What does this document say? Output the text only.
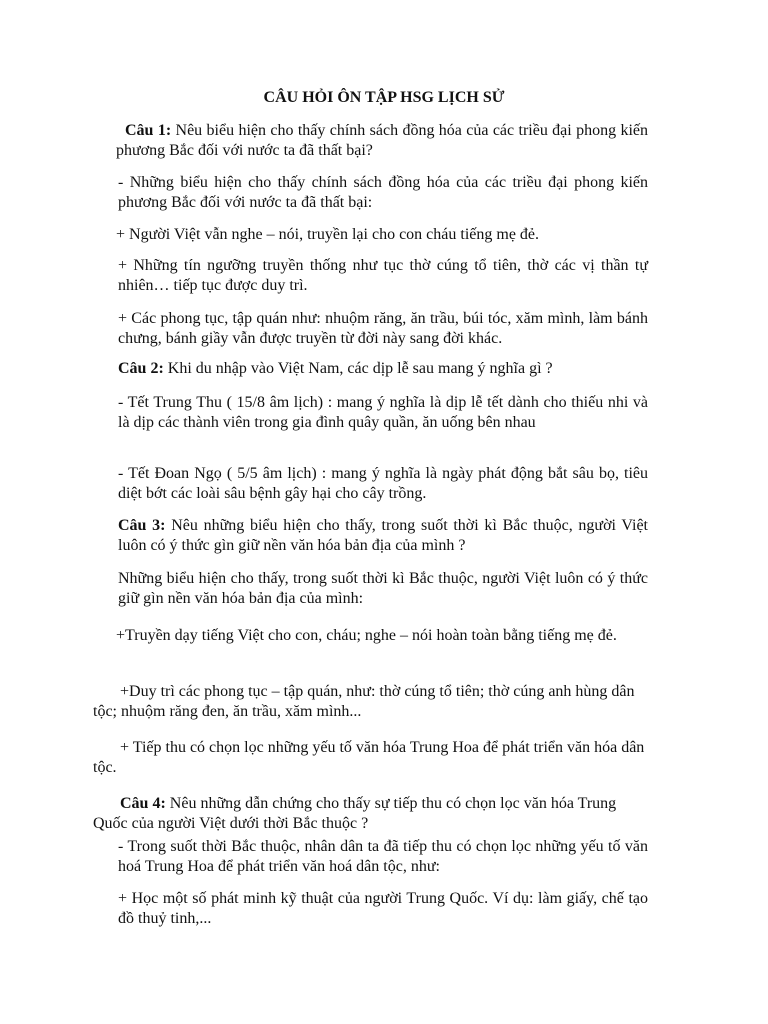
CÂU HỎI ÔN TẬP HSG LỊCH SỬ

Câu 1: Nêu biểu hiện cho thấy chính sách đồng hóa của các triều đại phong kiến phương Bắc đối với nước ta đã thất bại?

- Những biểu hiện cho thấy chính sách đồng hóa của các triều đại phong kiến phương Bắc đối với nước ta đã thất bại:

+ Người Việt vẫn nghe – nói, truyền lại cho con cháu tiếng mẹ đẻ.

+ Những tín ngưỡng truyền thống như tục thờ cúng tổ tiên, thờ các vị thần tự nhiên… tiếp tục được duy trì.

+ Các phong tục, tập quán như: nhuộm răng, ăn trầu, búi tóc, xăm mình, làm bánh chưng, bánh giầy vẫn được truyền từ đời này sang đời khác.

Câu 2: Khi du nhập vào Việt Nam, các dịp lễ sau mang ý nghĩa gì ?

- Tết Trung Thu ( 15/8 âm lịch) : mang ý nghĩa là dịp lễ tết dành cho thiếu nhi và là dịp các thành viên trong gia đình quây quần, ăn uống bên nhau

- Tết Đoan Ngọ ( 5/5 âm lịch) : mang ý nghĩa là ngày phát động bắt sâu bọ, tiêu diệt bớt các loài sâu bệnh gây hại cho cây trồng.

Câu 3: Nêu những biểu hiện cho thấy, trong suốt thời kì Bắc thuộc, người Việt luôn có ý thức gìn giữ nền văn hóa bản địa của mình ?

Những biểu hiện cho thấy, trong suốt thời kì Bắc thuộc, người Việt luôn có ý thức giữ gìn nền văn hóa bản địa của mình:

+Truyền dạy tiếng Việt cho con, cháu; nghe – nói hoàn toàn bằng tiếng mẹ đẻ.

+Duy trì các phong tục – tập quán, như: thờ cúng tổ tiên; thờ cúng anh hùng dân tộc; nhuộm răng đen, ăn trầu, xăm mình...

+ Tiếp thu có chọn lọc những yếu tố văn hóa Trung Hoa để phát triển văn hóa dân tộc.

Câu 4: Nêu những dẫn chứng cho thấy sự tiếp thu có chọn lọc văn hóa Trung Quốc của người Việt dưới thời Bắc thuộc ?

- Trong suốt thời Bắc thuộc, nhân dân ta đã tiếp thu có chọn lọc những yếu tố văn hoá Trung Hoa để phát triển văn hoá dân tộc, như:

+ Học một số phát minh kỹ thuật của người Trung Quốc. Ví dụ: làm giấy, chế tạo đồ thuỷ tinh,...
